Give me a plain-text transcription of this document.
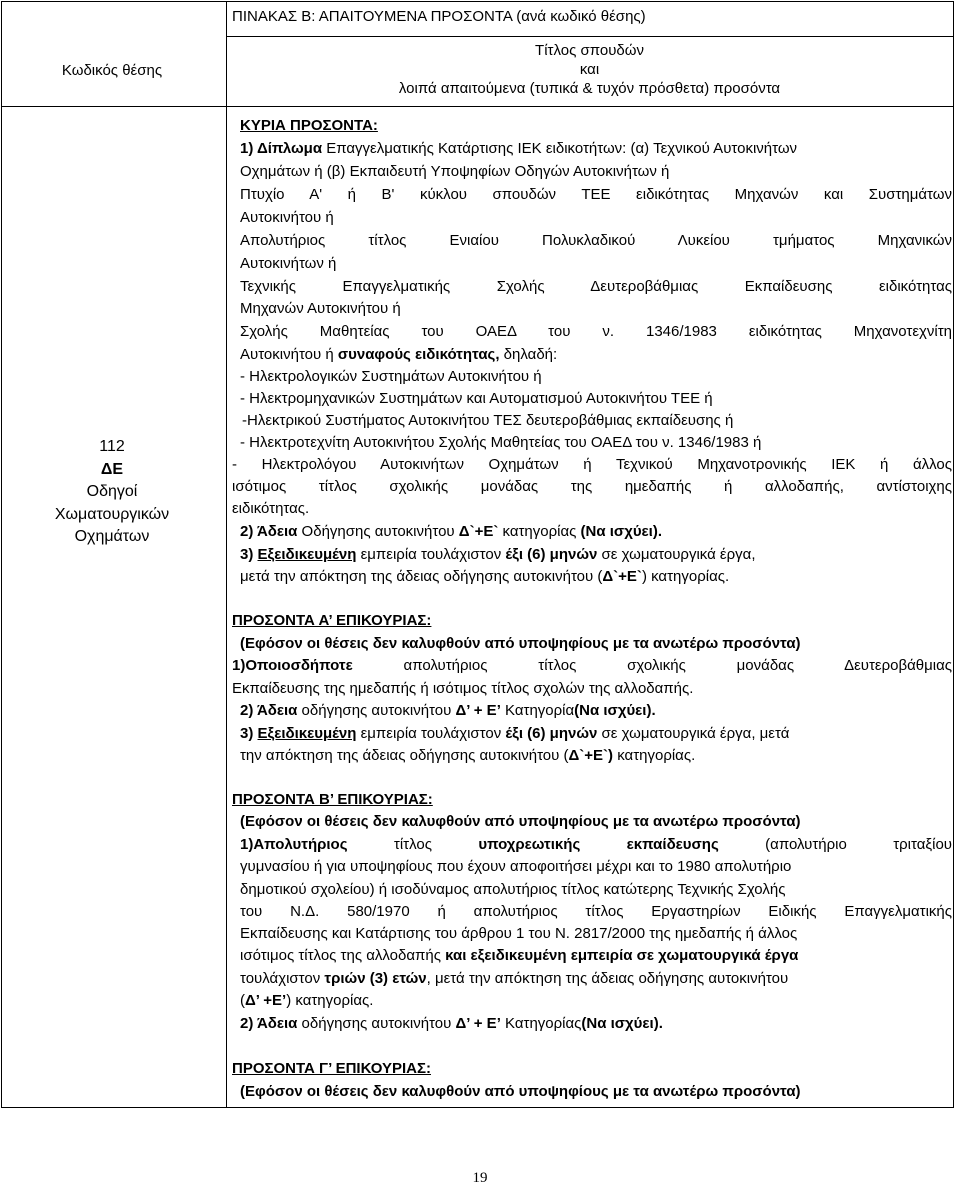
ΠΙΝΑΚΑΣ Β: ΑΠΑΙΤΟΥΜΕΝΑ ΠΡΟΣΟΝΤΑ (ανά κωδικό θέσης)
Κωδικός θέσης
Τίτλος σπουδών
και
λοιπά απαιτούμενα (τυπικά & τυχόν πρόσθετα) προσόντα
112
ΔΕ
Οδηγοί
Χωματουργικών
Οχημάτων
ΚΥΡΙΑ ΠΡΟΣΟΝΤΑ:
1) Δίπλωμα Επαγγελματικής Κατάρτισης ΙΕΚ ειδικοτήτων: (α) Τεχνικού Αυτοκινήτων
Οχημάτων ή (β) Εκπαιδευτή Υποψηφίων Οδηγών Αυτοκινήτων ή
Πτυχίο Α' ή Β' κύκλου σπουδών ΤΕΕ ειδικότητας Μηχανών και Συστημάτων
Αυτοκινήτου ή
Απολυτήριος τίτλος Ενιαίου Πολυκλαδικού Λυκείου τμήματος Μηχανικών
Αυτοκινήτων ή
Τεχνικής Επαγγελματικής Σχολής Δευτεροβάθμιας Εκπαίδευσης ειδικότητας
Μηχανών Αυτοκινήτου ή
Σχολής Μαθητείας του ΟΑΕΔ του ν. 1346/1983 ειδικότητας Μηχανοτεχνίτη
Αυτοκινήτου ή συναφούς ειδικότητας, δηλαδή:
- Ηλεκτρολογικών Συστημάτων Αυτοκινήτου ή
- Ηλεκτρομηχανικών Συστημάτων και Αυτοματισμού Αυτοκινήτου ΤΕΕ ή
-Ηλεκτρικού Συστήματος Αυτοκινήτου ΤΕΣ δευτεροβάθμιας εκπαίδευσης ή
- Ηλεκτροτεχνίτη Αυτοκινήτου Σχολής Μαθητείας του ΟΑΕΔ του ν. 1346/1983 ή
- Ηλεκτρολόγου Αυτοκινήτων Οχημάτων ή Τεχνικού Μηχανοτρονικής ΙΕΚ ή άλλος
ισότιμος τίτλος σχολικής μονάδας της ημεδαπής ή αλλοδαπής, αντίστοιχης
ειδικότητας.
2) Άδεια Οδήγησης αυτοκινήτου Δ`+Ε` κατηγορίας (Να ισχύει).
3) Εξειδικευμένη εμπειρία τουλάχιστον έξι (6) μηνών σε χωματουργικά έργα,
μετά την απόκτηση της άδειας οδήγησης αυτοκινήτου (Δ`+Ε`) κατηγορίας.
ΠΡΟΣΟΝΤΑ Α’ ΕΠΙΚΟΥΡΙΑΣ:
(Εφόσον οι θέσεις δεν καλυφθούν από υποψηφίους με τα ανωτέρω προσόντα)
1)Οποιοσδήποτε απολυτήριος τίτλος σχολικής μονάδας Δευτεροβάθμιας
Εκπαίδευσης της ημεδαπής ή ισότιμος τίτλος σχολών της αλλοδαπής.
2) Άδεια οδήγησης αυτοκινήτου Δ’ + Ε’ Κατηγορία(Να ισχύει).
3) Εξειδικευμένη εμπειρία τουλάχιστον έξι (6) μηνών σε χωματουργικά έργα, μετά
την απόκτηση της άδειας οδήγησης αυτοκινήτου (Δ`+Ε`) κατηγορίας.
ΠΡΟΣΟΝΤΑ Β’ ΕΠΙΚΟΥΡΙΑΣ:
(Εφόσον οι θέσεις δεν καλυφθούν από υποψηφίους με τα ανωτέρω προσόντα)
1)Απολυτήριος τίτλος υποχρεωτικής εκπαίδευσης (απολυτήριο τριταξίου
γυμνασίου ή για υποψηφίους που έχουν αποφοιτήσει μέχρι και το 1980 απολυτήριο
δημοτικού σχολείου) ή ισοδύναμος απολυτήριος τίτλος κατώτερης Τεχνικής Σχολής
του Ν.Δ. 580/1970 ή απολυτήριος τίτλος Εργαστηρίων Ειδικής Επαγγελματικής
Εκπαίδευσης και Κατάρτισης του άρθρου 1 του Ν. 2817/2000 της ημεδαπής ή άλλος
ισότιμος τίτλος της αλλοδαπής και εξειδικευμένη εμπειρία σε χωματουργικά έργα
τουλάχιστον τριών (3) ετών, μετά την απόκτηση της άδειας οδήγησης αυτοκινήτου
(Δ’ +Ε’) κατηγορίας.
2) Άδεια οδήγησης αυτοκινήτου Δ’ + Ε’ Κατηγορίας(Να ισχύει).
ΠΡΟΣΟΝΤΑ Γ’ ΕΠΙΚΟΥΡΙΑΣ:
(Εφόσον οι θέσεις δεν καλυφθούν από υποψηφίους με τα ανωτέρω προσόντα)
19
